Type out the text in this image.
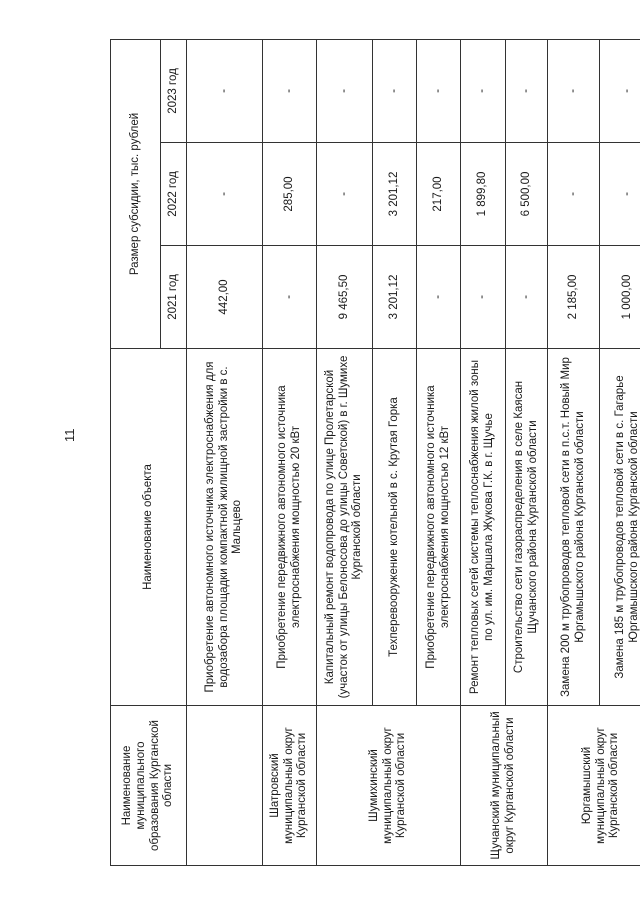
11
Наименование муниципального образования Курганской области	Наименование объекта	Размер субсидии, тыс. рублей		
		2021 год	2022 год	2023 год
	Приобретение автономного источника электроснабжения для водозабора площадки компактной жилищной застройки в с. Мальцево	442,00	-	-
Шатровский муниципальный округ Курганской области	Приобретение передвижного автономного источника электроснабжения мощностью 20 кВт	-	285,00	-
Шумихинский муниципальный округ Курганской области	Капитальный ремонт водопровода по улице Пролетарской (участок от улицы Белоносова до улицы Советской) в г. Шумихе Курганской области	9 465,50	-	-
	Техперевооружение котельной в с. Крутая Горка	3 201,12	3 201,12	-
	Приобретение передвижного автономного источника электроснабжения мощностью 12 кВт	-	217,00	-
Щучанский муниципальный округ Курганской области	Ремонт тепловых сетей системы теплоснабжения жилой зоны по ул. им. Маршала Жукова Г.К. в г. Щучье	-	1 899,80	-
	Строительство сети газораспределения в селе Каясан Щучанского района Курганской области	-	6 500,00	-
Юргамышский муниципальный округ Курганской области	Замена 200 м трубопроводов тепловой сети в п.с.т. Новый Мир Юргамышского района Курганской области	2 185,00	-	-
	Замена 185 м трубопроводов тепловой сети в с. Гагарье Юргамышского района Курганской области	1 000,00	-	-
